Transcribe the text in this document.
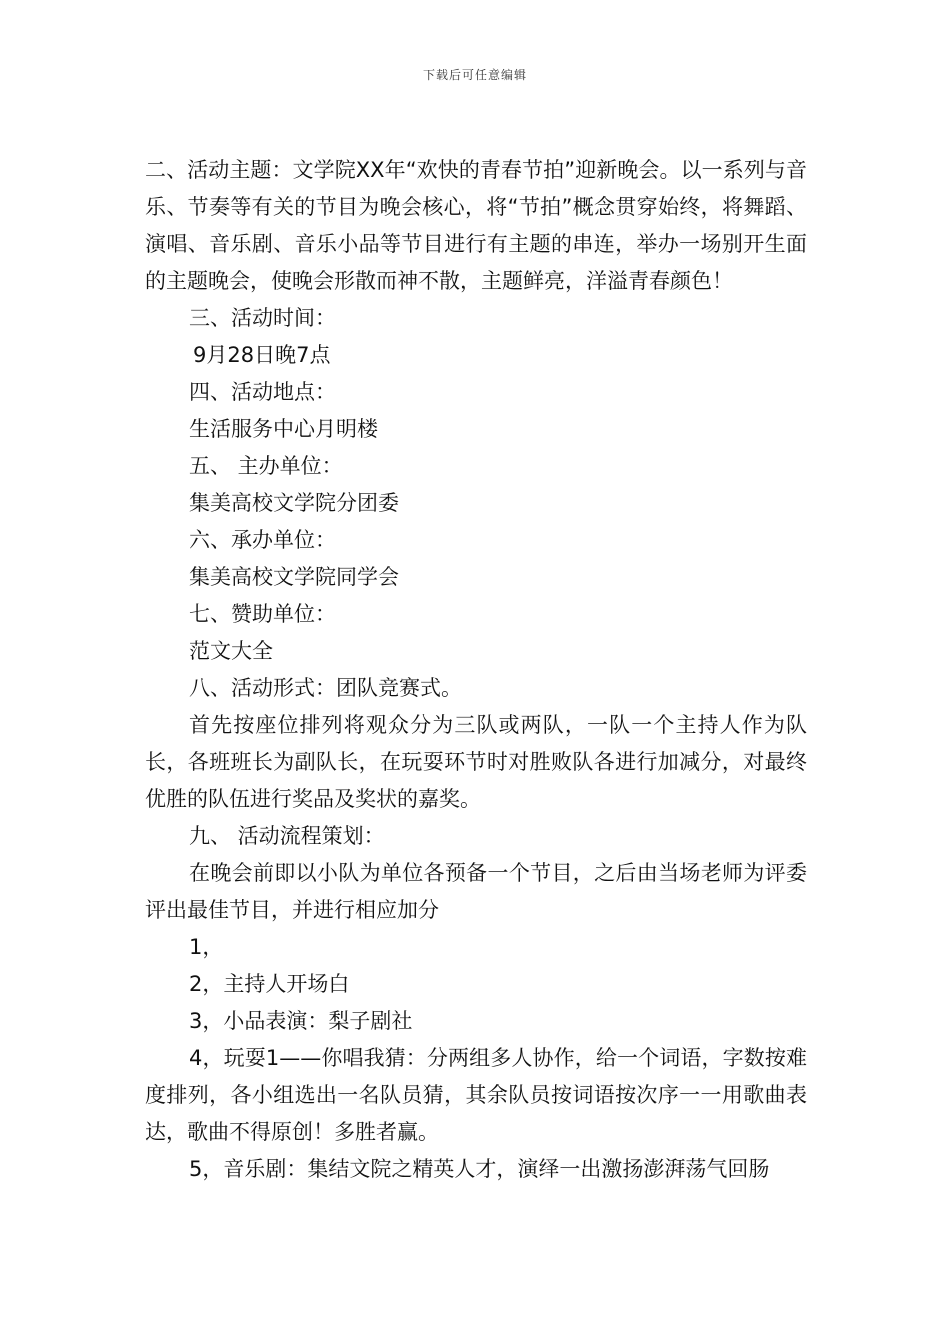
下载后可任意编辑

二、活动主题：文学院XX年“欢快的青春节拍”迎新晚会。以一系列与音乐、节奏等有关的节目为晚会核心，将“节拍”概念贯穿始终，将舞蹈、演唱、音乐剧、音乐小品等节目进行有主题的串连，举办一场别开生面的主题晚会，使晚会形散而神不散，主题鲜亮，洋溢青春颜色！

三、活动时间：

9月28日晚7点

四、活动地点：

生活服务中心月明楼

五、 主办单位：

集美高校文学院分团委

六、承办单位：

集美高校文学院同学会

七、赞助单位：

范文大全

八、活动形式：团队竞赛式。

首先按座位排列将观众分为三队或两队，一队一个主持人作为队长，各班班长为副队长，在玩耍环节时对胜败队各进行加减分，对最终优胜的队伍进行奖品及奖状的嘉奖。

九、 活动流程策划：

在晚会前即以小队为单位各预备一个节目，之后由当场老师为评委评出最佳节目，并进行相应加分

1，

2，主持人开场白

3，小品表演：梨子剧社

4，玩耍1——你唱我猜：分两组多人协作，给一个词语，字数按难度排列，各小组选出一名队员猜，其余队员按词语按次序一一用歌曲表达，歌曲不得原创！多胜者赢。

5，音乐剧：集结文院之精英人才，演绎一出激扬澎湃荡气回肠
